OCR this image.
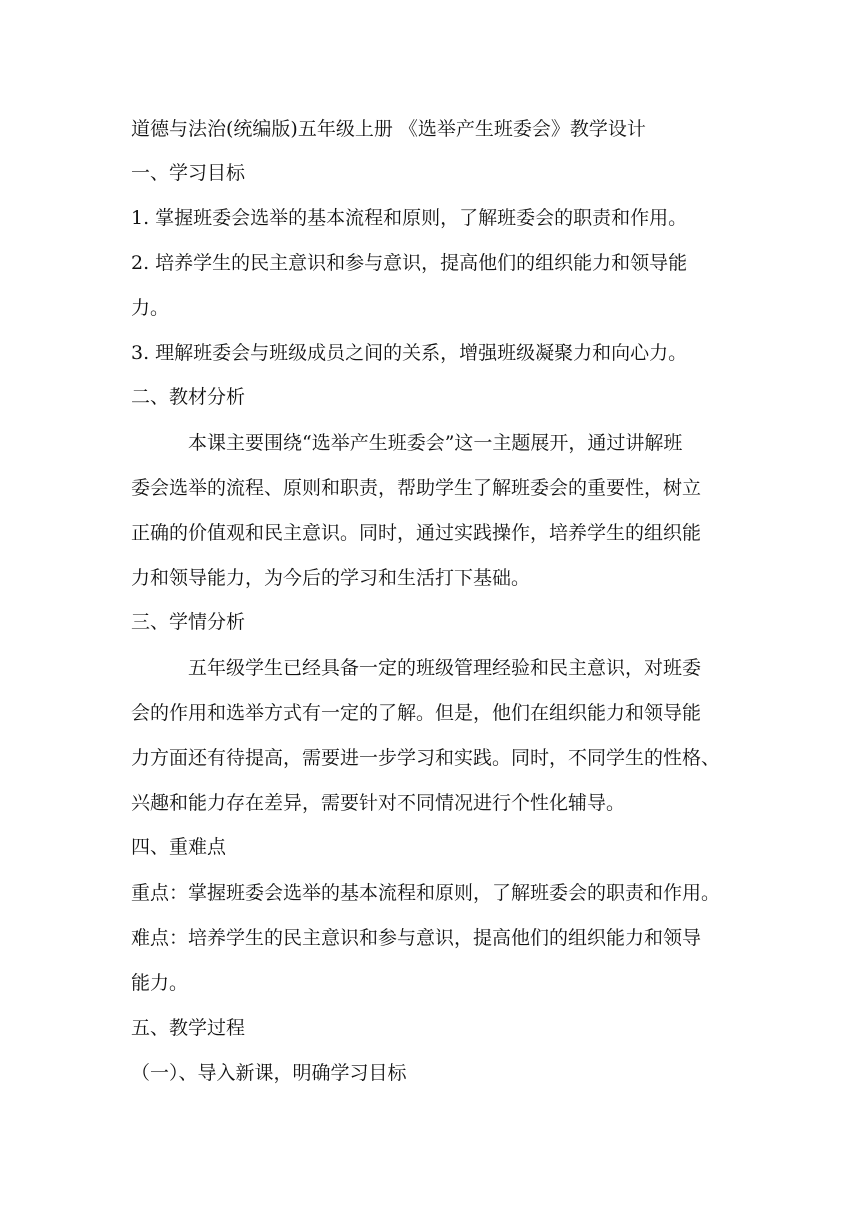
道德与法治(统编版)五年级上册 《选举产生班委会》教学设计
一、学习目标
1. 掌握班委会选举的基本流程和原则，了解班委会的职责和作用。
2. 培养学生的民主意识和参与意识，提高他们的组织能力和领导能
力。
3. 理解班委会与班级成员之间的关系，增强班级凝聚力和向心力。
二、教材分析
本课主要围绕“选举产生班委会”这一主题展开，通过讲解班
委会选举的流程、原则和职责，帮助学生了解班委会的重要性，树立
正确的价值观和民主意识。同时，通过实践操作，培养学生的组织能
力和领导能力，为今后的学习和生活打下基础。
三、学情分析
五年级学生已经具备一定的班级管理经验和民主意识，对班委
会的作用和选举方式有一定的了解。但是，他们在组织能力和领导能
力方面还有待提高，需要进一步学习和实践。同时，不同学生的性格、
兴趣和能力存在差异，需要针对不同情况进行个性化辅导。
四、重难点
重点：掌握班委会选举的基本流程和原则，了解班委会的职责和作用。
难点：培养学生的民主意识和参与意识，提高他们的组织能力和领导
能力。
五、教学过程
（一）、导入新课，明确学习目标
